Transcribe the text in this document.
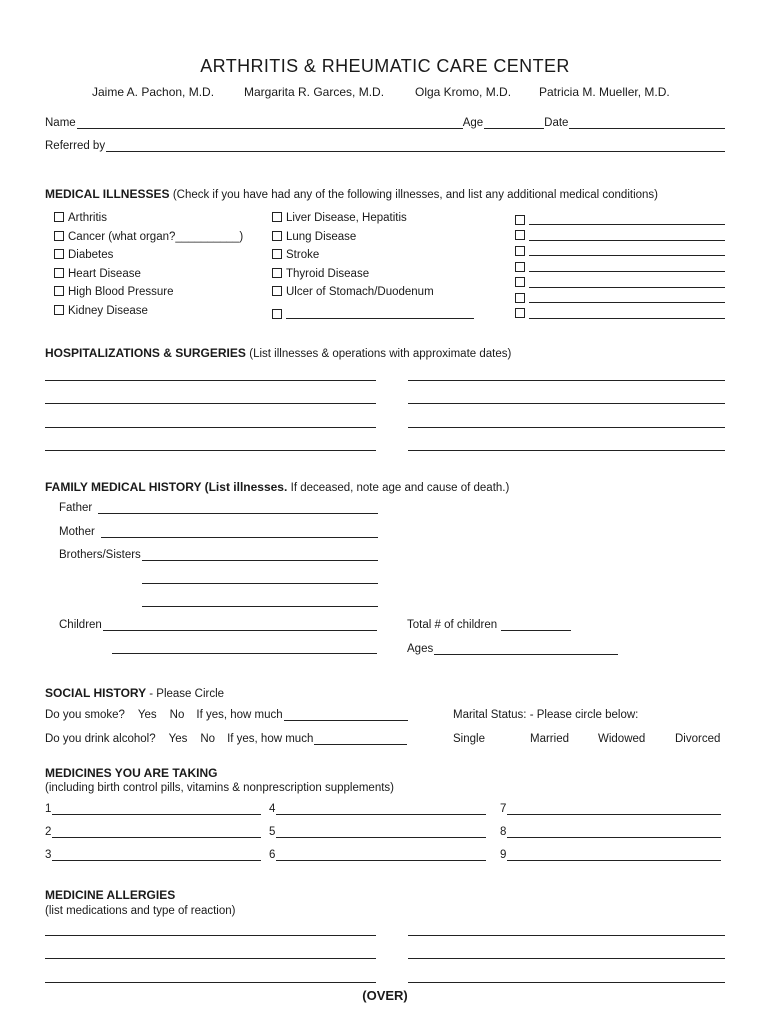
ARTHRITIS & RHEUMATIC CARE CENTER
Jaime A. Pachon, M.D. Margarita R. Garces, M.D.	Olga Kromo, M.D. Patricia M. Mueller, M.D.
Name	Age	Date
Referred by
MEDICAL ILLNESSES (Check if you have had any of the following illnesses, and list any additional medical conditions)
Arthritis
Cancer (what organ?__________)
Diabetes
Heart Disease
High Blood Pressure
Kidney Disease
Liver Disease, Hepatitis
Lung Disease
Stroke
Thyroid Disease
Ulcer of Stomach/Duodenum
HOSPITALIZATIONS & SURGERIES (List illnesses & operations with approximate dates)
FAMILY MEDICAL HISTORY (List illnesses. If deceased, note age and cause of death.)
Father
Mother
Brothers/Sisters
Children	Total # of children
Ages
SOCIAL HISTORY - Please Circle
Do you smoke? Yes No If yes, how much
Do you drink alcohol? Yes No If yes, how much
Marital Status: - Please circle below:
Single	Married	Widowed	Divorced
MEDICINES YOU ARE TAKING
(including birth control pills, vitamins & nonprescription supplements)
1
2
3
4
5
6
7
8
9
MEDICINE ALLERGIES
(list medications and type of reaction)
(OVER)
